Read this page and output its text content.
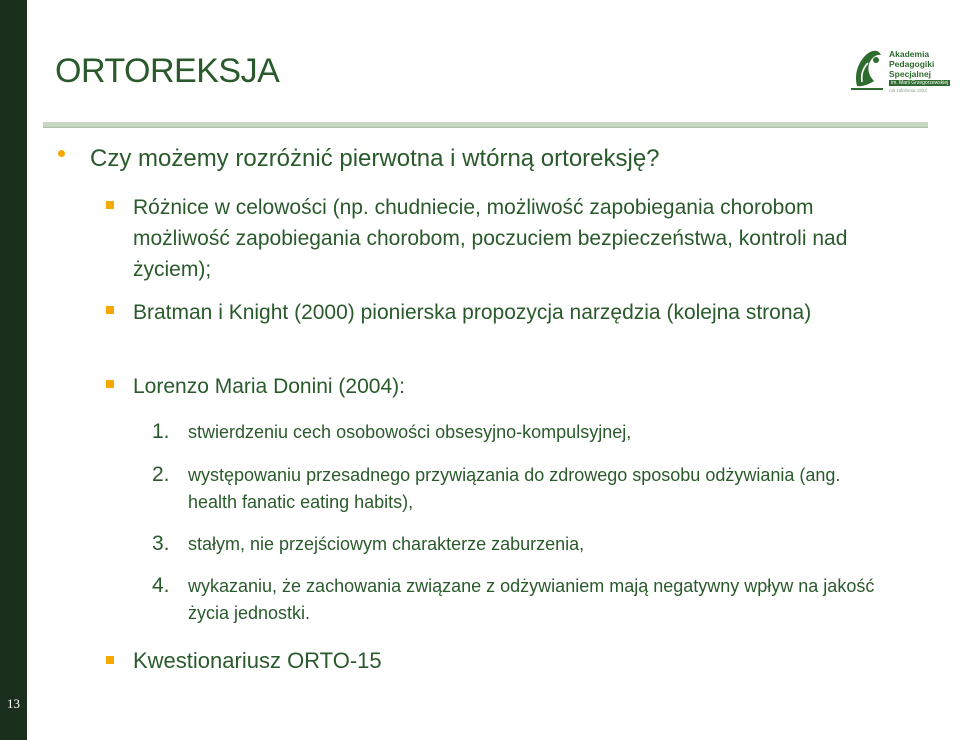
13
ORTOREKSJA	Akademia
Pedagogiki
Specjalnej
im. Marii Grzegorzewskiej
rok założenia 1922

Czy możemy rozróżnić pierwotna i wtórną ortoreksję?

Różnice w celowości (np. chudniecie, możliwość zapobiegania chorobom możliwość zapobiegania chorobom, poczuciem bezpieczeństwa, kontroli nad życiem);

Bratman i Knight (2000) pionierska propozycja narzędzia (kolejna strona)

Lorenzo Maria Donini (2004):

1. stwierdzeniu cech osobowości obsesyjno-kompulsyjnej,

2. występowaniu przesadnego przywiązania do zdrowego sposobu odżywiania (ang. health fanatic eating habits),

3. stałym, nie przejściowym charakterze zaburzenia,

4. wykazaniu, że zachowania związane z odżywianiem mają negatywny wpływ na jakość życia jednostki.

Kwestionariusz ORTO-15
